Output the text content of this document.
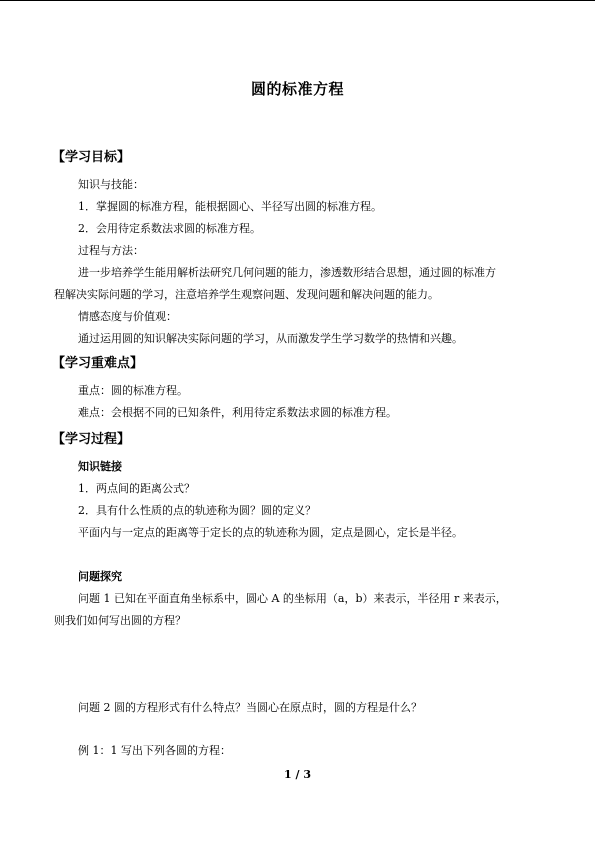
圆的标准方程
【学习目标】
知识与技能：
1．掌握圆的标准方程，能根据圆心、半径写出圆的标准方程。
2．会用待定系数法求圆的标准方程。
过程与方法：
进一步培养学生能用解析法研究几何问题的能力，渗透数形结合思想，通过圆的标准方
程解决实际问题的学习，注意培养学生观察问题、发现问题和解决问题的能力。
情感态度与价值观：
通过运用圆的知识解决实际问题的学习，从而激发学生学习数学的热情和兴趣。
【学习重难点】
重点：圆的标准方程。
难点：会根据不同的已知条件，利用待定系数法求圆的标准方程。
【学习过程】
知识链接
1．两点间的距离公式？
2．具有什么性质的点的轨迹称为圆？圆的定义？
平面内与一定点的距离等于定长的点的轨迹称为圆，定点是圆心，定长是半径。
问题探究
问题 1 已知在平面直角坐标系中，圆心 A 的坐标用（a，b）来表示，半径用 r 来表示，
则我们如何写出圆的方程？
问题 2 圆的方程形式有什么特点？当圆心在原点时，圆的方程是什么？
例 1：1 写出下列各圆的方程：
1 / 3
